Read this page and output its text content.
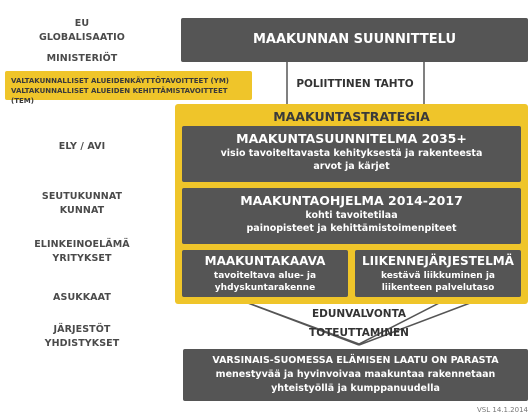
EU
GLOBALISAATIO
MINISTERIÖT
VALTAKUNNALLISET ALUEIDENKÄYTTÖTAVOITTEET (YM)
VALTAKUNNALLISET ALUEIDEN KEHITTÄMISTAVOITTEET (TEM)
ELY / AVI
SEUTUKUNNAT
KUNNAT
ELINKEINOELÄMÄ
YRITYKSET
ASUKKAAT
JÄRJESTÖT
YHDISTYKSET
MAAKUNNAN SUUNNITTELU
POLIITTINEN TAHTO
MAAKUNTASTRATEGIA
MAAKUNTASUUNNITELMA 2035+
visio tavoiteltavasta kehityksestä ja rakenteesta
arvot ja kärjet
MAAKUNTAOHJELMA 2014-2017
kohti tavoitetilaa
painopisteet ja kehittämistoimenpiteet
MAAKUNTAKAAVA
tavoiteltava alue- ja
yhdyskuntarakenne
LIIKENNEJÄRJESTELMÄ
kestävä liikkuminen ja
liikenteen palvelutaso
EDUNVALVONTA
TOTEUTTAMINEN
VARSINAIS-SUOMESSA ELÄMISEN LAATU ON PARASTA
menestyvää ja hyvinvoivaa maakuntaa rakennetaan
yhteistyöllä ja kumppanuudella
VSL 14.1.2014
